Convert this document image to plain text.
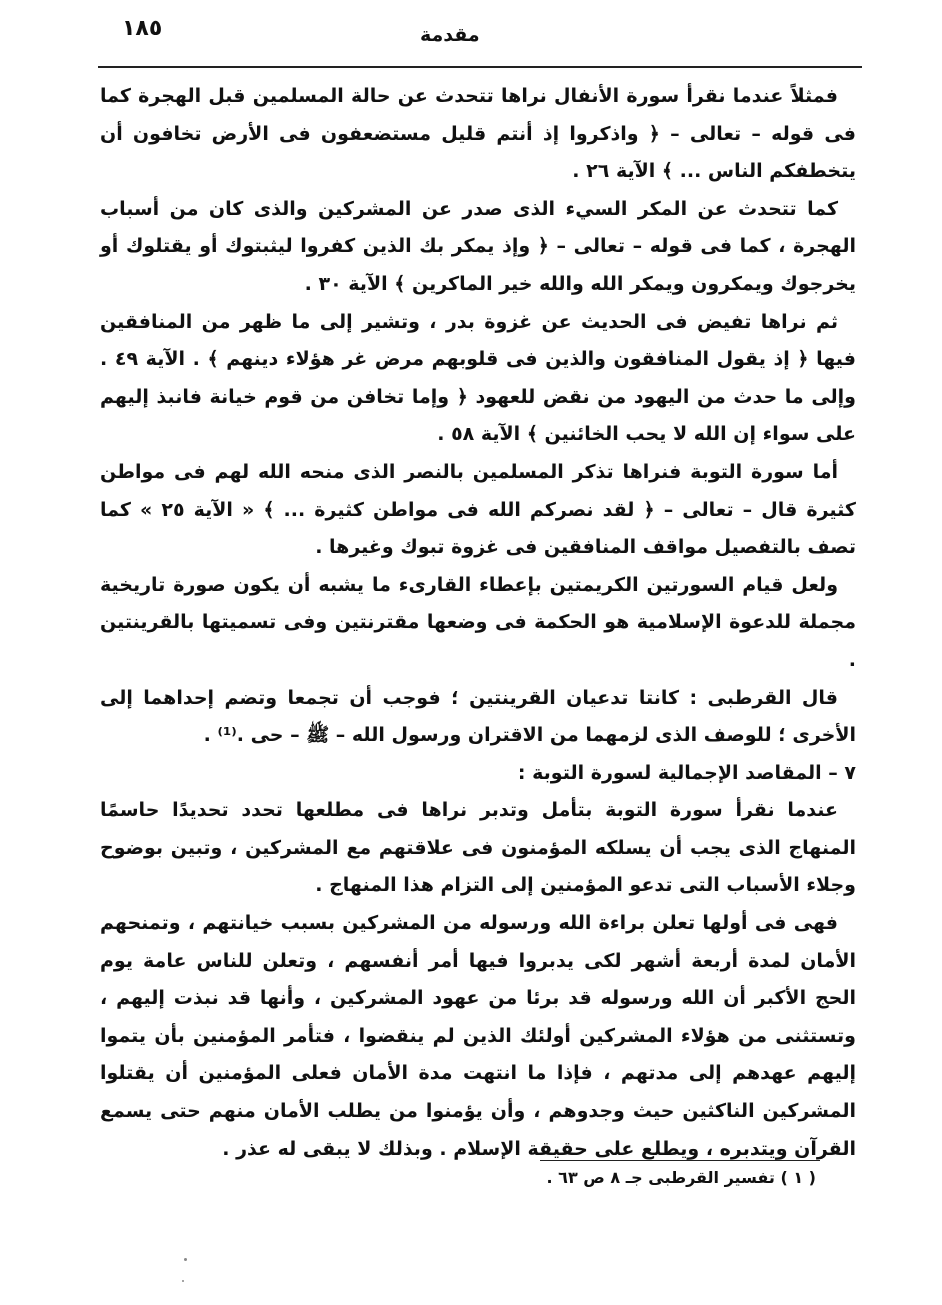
١٨٥	مقدمة

فمثلاً عندما نقرأ سورة الأنفال نراها تتحدث عن حالة المسلمين قبل الهجرة كما فى قوله – تعالى – ﴿ واذكروا إذ أنتم قليل مستضعفون فى الأرض تخافون أن يتخطفكم الناس ... ﴾ الآية ٢٦ .

كما تتحدث عن المكر السيء الذى صدر عن المشركين والذى كان من أسباب الهجرة ، كما فى قوله – تعالى – ﴿ وإذ يمكر بك الذين كفروا ليثبتوك أو يقتلوك أو يخرجوك ويمكرون ويمكر الله والله خير الماكرين ﴾ الآية ٣٠ .

ثم نراها تفيض فى الحديث عن غزوة بدر ، وتشير إلى ما ظهر من المنافقين فيها ﴿ إذ يقول المنافقون والذين فى قلوبهم مرض غر هؤلاء دينهم ﴾ . الآية ٤٩ . وإلى ما حدث من اليهود من نقض للعهود ﴿ وإما تخافن من قوم خيانة فانبذ إليهم على سواء إن الله لا يحب الخائنين ﴾ الآية ٥٨ .

أما سورة التوبة فنراها تذكر المسلمين بالنصر الذى منحه الله لهم فى مواطن كثيرة قال – تعالى – ﴿ لقد نصركم الله فى مواطن كثيرة ... ﴾ « الآية ٢٥ » كما تصف بالتفصيل مواقف المنافقين فى غزوة تبوك وغيرها .

ولعل قيام السورتين الكريمتين بإعطاء القارىء ما يشبه أن يكون صورة تاريخية مجملة للدعوة الإسلامية هو الحكمة فى وضعها مقترنتين وفى تسميتها بالقرينتين .

قال القرطبى : كانتا تدعيان القرينتين ؛ فوجب أن تجمعا وتضم إحداهما إلى الأخرى ؛ للوصف الذى لزمهما من الاقتران ورسول الله – ﷺ – حى .⁽¹⁾ .

٧ – المقاصد الإجمالية لسورة التوبة :

عندما نقرأ سورة التوبة بتأمل وتدبر نراها فى مطلعها تحدد تحديدًا حاسمًا المنهاج الذى يجب أن يسلكه المؤمنون فى علاقتهم مع المشركين ، وتبين بوضوح وجلاء الأسباب التى تدعو المؤمنين إلى التزام هذا المنهاج .

فهى فى أولها تعلن براءة الله ورسوله من المشركين بسبب خيانتهم ، وتمنحهم الأمان لمدة أربعة أشهر لكى يدبروا فيها أمر أنفسهم ، وتعلن للناس عامة يوم الحج الأكبر أن الله ورسوله قد برئا من عهود المشركين ، وأنها قد نبذت إليهم ، وتستثنى من هؤلاء المشركين أولئك الذين لم ينقضوا ، فتأمر المؤمنين بأن يتموا إليهم عهدهم إلى مدتهم ، فإذا ما انتهت مدة الأمان فعلى المؤمنين أن يقتلوا المشركين الناكثين حيث وجدوهم ، وأن يؤمنوا من يطلب الأمان منهم حتى يسمع القرآن ويتدبره ، ويطلع على حقيقة الإسلام . وبذلك لا يبقى له عذر .

( ١ ) تفسير القرطبى جـ ٨ ص ٦٣ .
